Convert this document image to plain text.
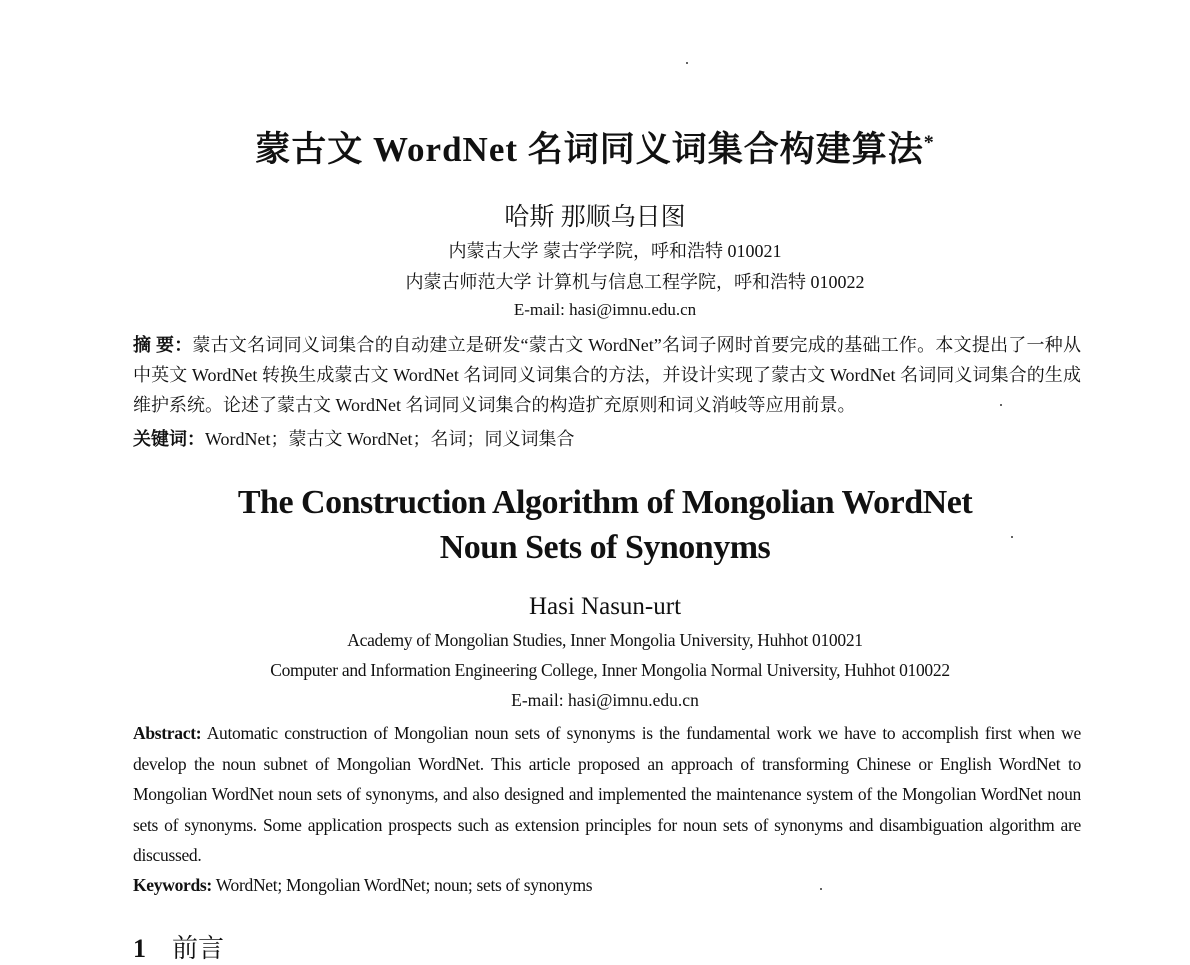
蒙古文 WordNet 名词同义词集合构建算法*
哈斯 那顺乌日图
内蒙古大学 蒙古学学院，呼和浩特 010021
内蒙古师范大学 计算机与信息工程学院，呼和浩特 010022
E-mail: hasi@imnu.edu.cn
摘 要：蒙古文名词同义词集合的自动建立是研发“蒙古文 WordNet”名词子网时首要完成的基础工作。本文提出了一种从中英文 WordNet 转换生成蒙古文 WordNet 名词同义词集合的方法，并设计实现了蒙古文 WordNet 名词同义词集合的生成维护系统。论述了蒙古文 WordNet 名词同义词集合的构造扩充原则和词义消岐等应用前景。
关键词：WordNet；蒙古文 WordNet；名词；同义词集合
The Construction Algorithm of Mongolian WordNet
Noun Sets of Synonyms
Hasi Nasun-urt
Academy of Mongolian Studies, Inner Mongolia University, Huhhot 010021
Computer and Information Engineering College, Inner Mongolia Normal University, Huhhot 010022
E-mail: hasi@imnu.edu.cn
Abstract: Automatic construction of Mongolian noun sets of synonyms is the fundamental work we have to accomplish first when we develop the noun subnet of Mongolian WordNet. This article proposed an approach of transforming Chinese or English WordNet to Mongolian WordNet noun sets of synonyms, and also designed and implemented the maintenance system of the Mongolian WordNet noun sets of synonyms. Some application prospects such as extension principles for noun sets of synonyms and disambiguation algorithm are discussed.
Keywords: WordNet; Mongolian WordNet; noun; sets of synonyms
1 前言
